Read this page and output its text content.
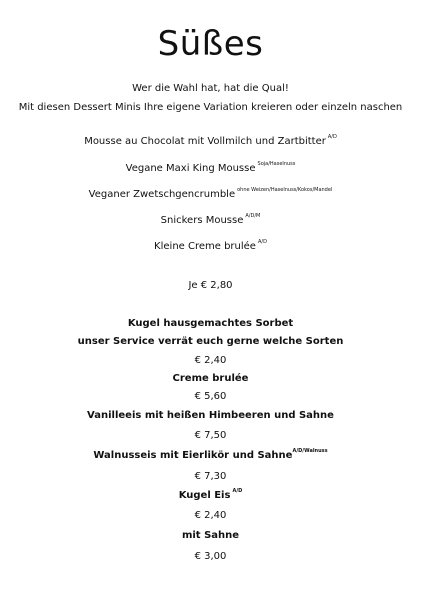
Süßes
Wer die Wahl hat, hat die Qual!
Mit diesen Dessert Minis Ihre eigene Variation kreieren oder einzeln naschen
Mousse au Chocolat mit Vollmilch und Zartbitter $^{A/D}$
Vegane Maxi King Mousse $^{Soja/Haselnuss}$
Veganer Zwetschgencrumble $^{ohne Weizen/Haselnuss/Kokos/Mandel}$
Snickers Mousse $^{A/D/M}$
Kleine Creme brulée $^{A/D}$
Je € 2,80
Kugel hausgemachtes Sorbet
unser Service verrät euch gerne welche Sorten
€ 2,40
Creme brulée
€ 5,60
Vanilleeis mit heißen Himbeeren und Sahne
€ 7,50
Walnusseis mit Eierlikör und Sahne$^{A/D/Walnuss}$
€ 7,30
Kugel Eis $^{A/D}$
€ 2,40
mit Sahne
€ 3,00
